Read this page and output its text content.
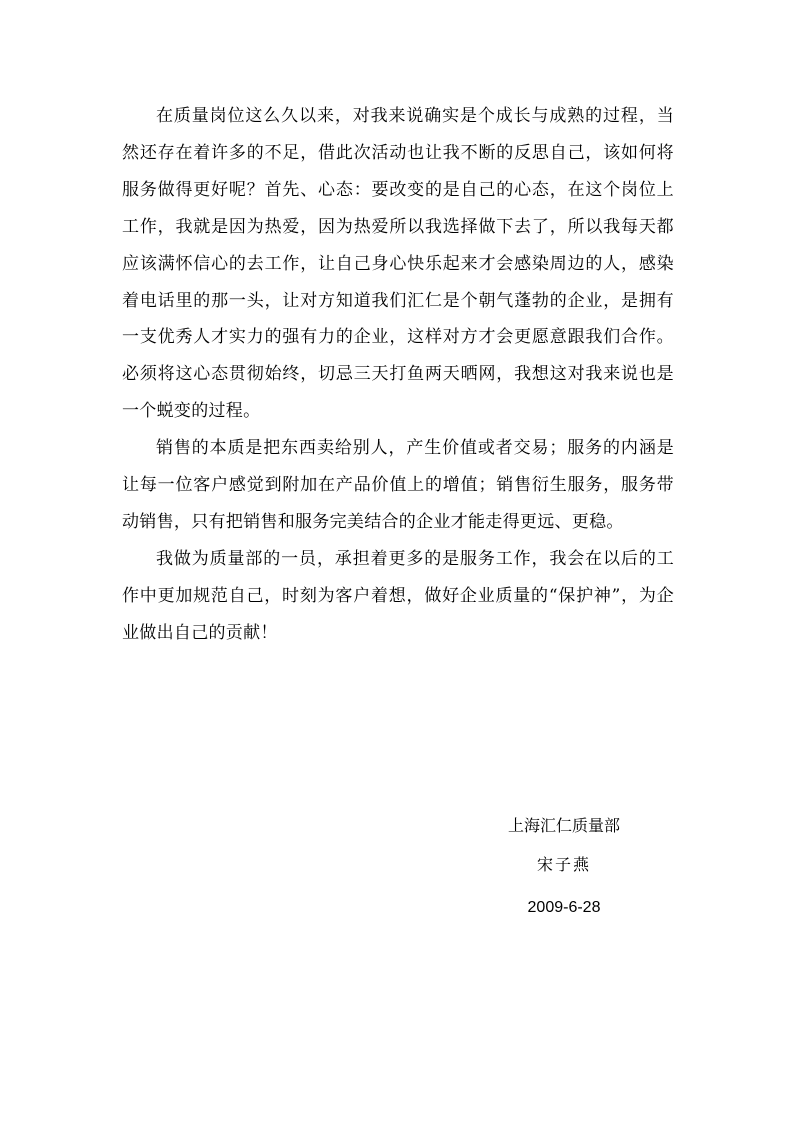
在质量岗位这么久以来，对我来说确实是个成长与成熟的过程，当然还存在着许多的不足，借此次活动也让我不断的反思自己，该如何将服务做得更好呢？首先、心态：要改变的是自己的心态，在这个岗位上工作，我就是因为热爱，因为热爱所以我选择做下去了，所以我每天都应该满怀信心的去工作，让自己身心快乐起来才会感染周边的人，感染着电话里的那一头，让对方知道我们汇仁是个朝气蓬勃的企业，是拥有一支优秀人才实力的强有力的企业，这样对方才会更愿意跟我们合作。必须将这心态贯彻始终，切忌三天打鱼两天晒网，我想这对我来说也是一个蜕变的过程。

销售的本质是把东西卖给别人，产生价值或者交易；服务的内涵是让每一位客户感觉到附加在产品价值上的增值；销售衍生服务，服务带动销售，只有把销售和服务完美结合的企业才能走得更远、更稳。

我做为质量部的一员，承担着更多的是服务工作，我会在以后的工作中更加规范自己，时刻为客户着想，做好企业质量的“保护神”，为企业做出自己的贡献！

上海汇仁质量部
宋子燕
2009-6-28
